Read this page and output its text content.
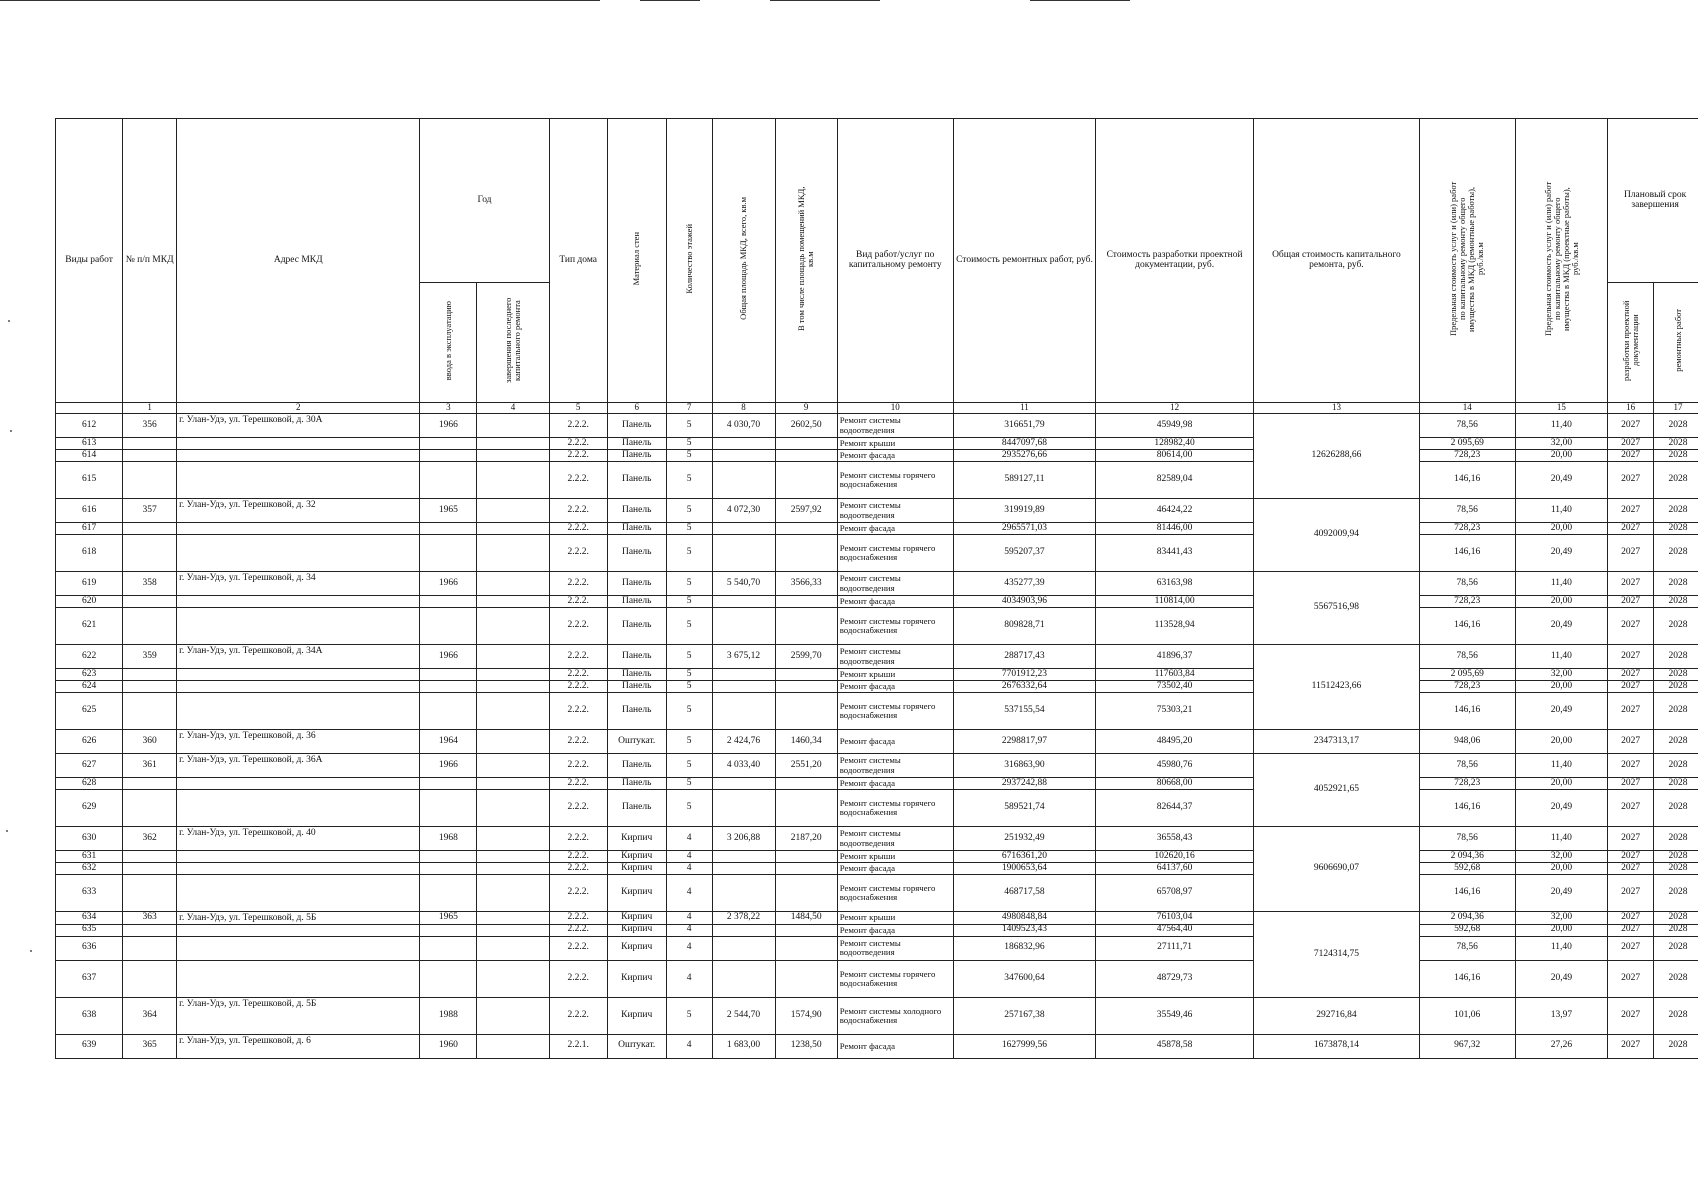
Виды работ	№ п/п МКД	Адрес МКД	Год		Тип дома	Материал стен	Количество этажей	Общая площадь МКД, всего, кв.м	В том числе площадь помещений МКД, кв.м	Вид работ/услуг по капитальному ремонту	Стоимость ремонтных работ, руб.	Стоимость разработки проектной документации, руб.	Общая стоимость капитального ремонта, руб.	Предельная стоимость услуг и (или) работ по капитальному ремонту общего имущества в МКД (ремонтные работы), руб./кв.м	Предельная стоимость услуг и (или) работ по капитальному ремонту общего имущества в МКД (проектные работы), руб./кв.м	Плановый срок завершения	
			ввода в эксплуатацию	завершения последнего капитального ремонта												разработки проектной документации	ремонтных работ
	1	2	3	4	5	6	7	8	9	10	11	12	13	14	15	16	17
612	356	г. Улан-Удэ, ул. Терешковой, д. 30А	1966		2.2.2.	Панель	5	4 030,70	2602,50	Ремонт системы водоотведения	316651,79	45949,98	12626288,66	78,56	11,40	2027	2028
613					2.2.2.	Панель	5			Ремонт крыши	8447097,68	128982,40		2 095,69	32,00	2027	2028
614					2.2.2.	Панель	5			Ремонт фасада	2935276,66	80614,00		728,23	20,00	2027	2028
615					2.2.2.	Панель	5			Ремонт системы горячего водоснабжения	589127,11	82589,04		146,16	20,49	2027	2028
616	357	г. Улан-Удэ, ул. Терешковой, д. 32	1965		2.2.2.	Панель	5	4 072,30	2597,92	Ремонт системы водоотведения	319919,89	46424,22	4092009,94	78,56	11,40	2027	2028
617					2.2.2.	Панель	5			Ремонт фасада	2965571,03	81446,00		728,23	20,00	2027	2028
618					2.2.2.	Панель	5			Ремонт системы горячего водоснабжения	595207,37	83441,43		146,16	20,49	2027	2028
619	358	г. Улан-Удэ, ул. Терешковой, д. 34	1966		2.2.2.	Панель	5	5 540,70	3566,33	Ремонт системы водоотведения	435277,39	63163,98	5567516,98	78,56	11,40	2027	2028
620					2.2.2.	Панель	5			Ремонт фасада	4034903,96	110814,00		728,23	20,00	2027	2028
621					2.2.2.	Панель	5			Ремонт системы горячего водоснабжения	809828,71	113528,94		146,16	20,49	2027	2028
622	359	г. Улан-Удэ, ул. Терешковой, д. 34А	1966		2.2.2.	Панель	5	3 675,12	2599,70	Ремонт системы водоотведения	288717,43	41896,37	11512423,66	78,56	11,40	2027	2028
623					2.2.2.	Панель	5			Ремонт крыши	7701912,23	117603,84		2 095,69	32,00	2027	2028
624					2.2.2.	Панель	5			Ремонт фасада	2676332,64	73502,40		728,23	20,00	2027	2028
625					2.2.2.	Панель	5			Ремонт системы горячего водоснабжения	537155,54	75303,21		146,16	20,49	2027	2028
626	360	г. Улан-Удэ, ул. Терешковой, д. 36	1964		2.2.2.	Оштукат.	5	2 424,76	1460,34	Ремонт фасада	2298817,97	48495,20	2347313,17	948,06	20,00	2027	2028
627	361	г. Улан-Удэ, ул. Терешковой, д. 36А	1966		2.2.2.	Панель	5	4 033,40	2551,20	Ремонт системы водоотведения	316863,90	45980,76	4052921,65	78,56	11,40	2027	2028
628					2.2.2.	Панель	5			Ремонт фасада	2937242,88	80668,00		728,23	20,00	2027	2028
629					2.2.2.	Панель	5			Ремонт системы горячего водоснабжения	589521,74	82644,37		146,16	20,49	2027	2028
630	362	г. Улан-Удэ, ул. Терешковой, д. 40	1968		2.2.2.	Кирпич	4	3 206,88	2187,20	Ремонт системы водоотведения	251932,49	36558,43	9606690,07	78,56	11,40	2027	2028
631					2.2.2.	Кирпич	4			Ремонт крыши	6716361,20	102620,16		2 094,36	32,00	2027	2028
632					2.2.2.	Кирпич	4			Ремонт фасада	1900653,64	64137,60		592,68	20,00	2027	2028
633					2.2.2.	Кирпич	4			Ремонт системы горячего водоснабжения	468717,58	65708,97		146,16	20,49	2027	2028
634	363	г. Улан-Удэ, ул. Терешковой, д. 5Б	1965		2.2.2.	Кирпич	4	2 378,22	1484,50	Ремонт крыши	4980848,84	76103,04	7124314,75	2 094,36	32,00	2027	2028
635					2.2.2.	Кирпич	4			Ремонт фасада	1409523,43	47564,40		592,68	20,00	2027	2028
636					2.2.2.	Кирпич	4			Ремонт системы водоотведения	186832,96	27111,71		78,56	11,40	2027	2028
637					2.2.2.	Кирпич	4			Ремонт системы горячего водоснабжения	347600,64	48729,73		146,16	20,49	2027	2028
638	364	г. Улан-Удэ, ул. Терешковой, д. 5Б	1988		2.2.2.	Кирпич	5	2 544,70	1574,90	Ремонт системы холодного водоснабжения	257167,38	35549,46	292716,84	101,06	13,97	2027	2028
639	365	г. Улан-Удэ, ул. Терешковой, д. 6	1960		2.2.1.	Оштукат.	4	1 683,00	1238,50	Ремонт фасада	1627999,56	45878,58	1673878,14	967,32	27,26	2027	2028
